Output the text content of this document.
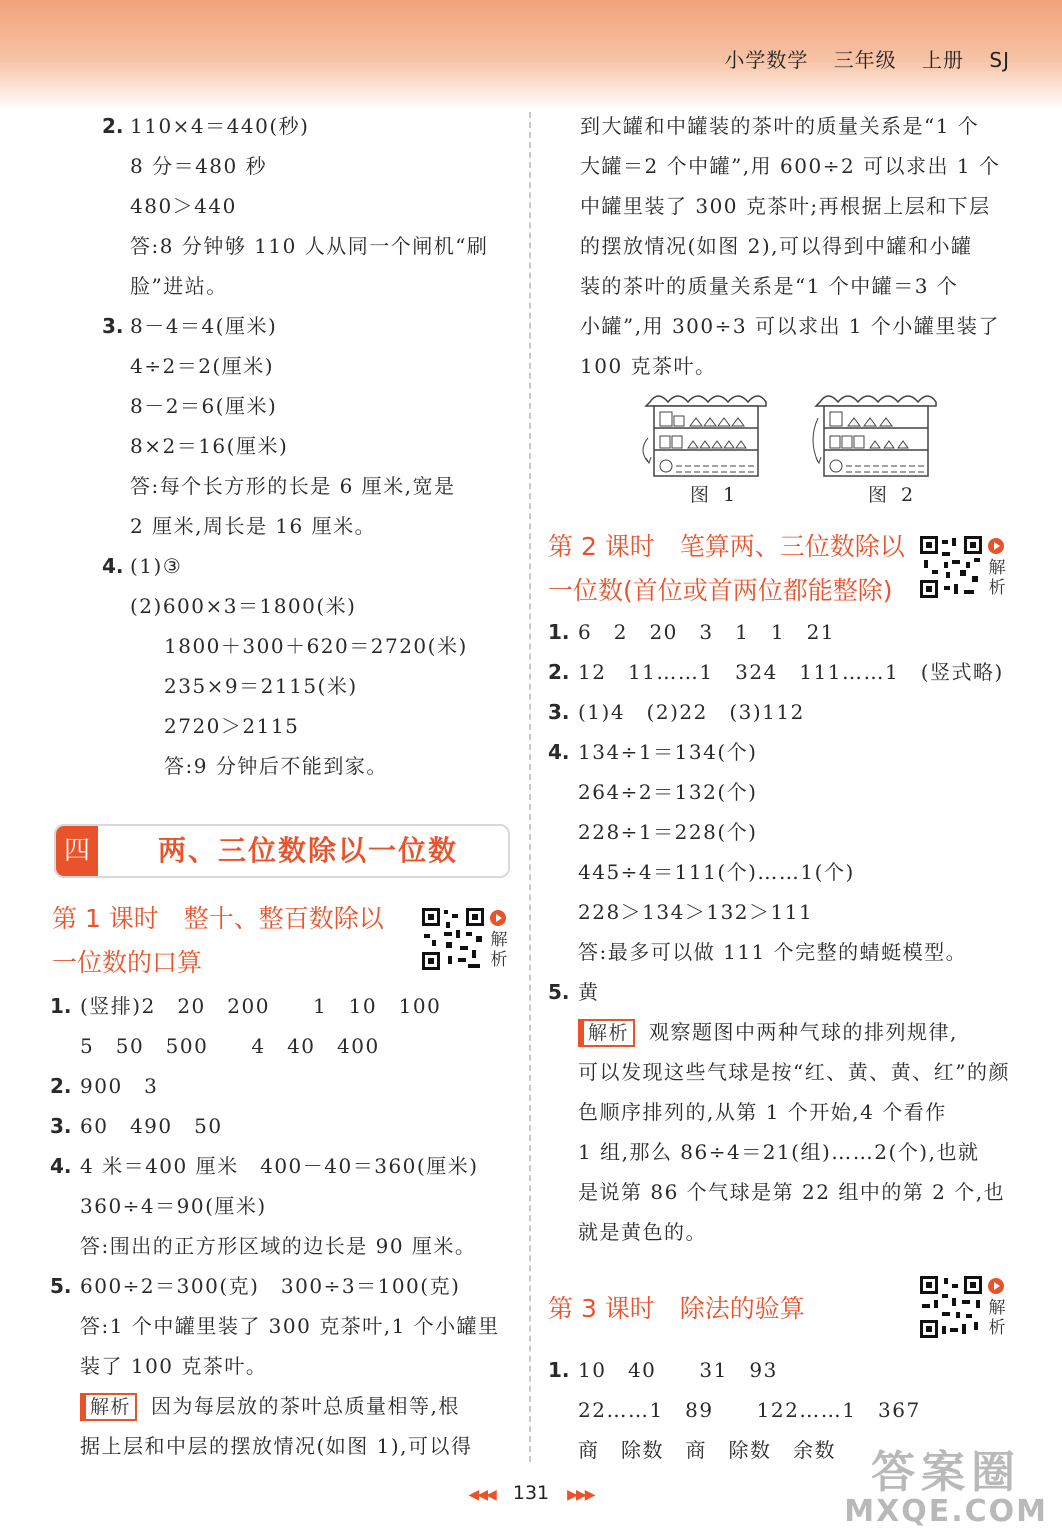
小学数学 三年级 上册 SJ
2. 110×4＝440(秒)
8 分＝480 秒
480＞440
答:8 分钟够 110 人从同一个闸机“刷
脸”进站。
3. 8－4＝4(厘米)
4÷2＝2(厘米)
8－2＝6(厘米)
8×2＝16(厘米)
答:每个长方形的长是 6 厘米,宽是
2 厘米,周长是 16 厘米。
4. (1)③
(2)600×3＝1800(米)
1800＋300＋620＝2720(米)
235×9＝2115(米)
2720＞2115
答:9 分钟后不能到家。
四 两、三位数除以一位数
第 1 课时　整十、整百数除以
一位数的口算
解析
1. (竖排)2　20　200　　1　10　100
5　50　500　　4　40　400
2. 900　3
3. 60　490　50
4. 4 米＝400 厘米　400－40＝360(厘米)
360÷4＝90(厘米)
答:围出的正方形区域的边长是 90 厘米。
5. 600÷2＝300(克)　300÷3＝100(克)
答:1 个中罐里装了 300 克茶叶,1 个小罐里
装了 100 克茶叶。
解析 因为每层放的茶叶总质量相等,根
据上层和中层的摆放情况(如图 1),可以得
到大罐和中罐装的茶叶的质量关系是“1 个
大罐＝2 个中罐”,用 600÷2 可以求出 1 个
中罐里装了 300 克茶叶;再根据上层和下层
的摆放情况(如图 2),可以得到中罐和小罐
装的茶叶的质量关系是“1 个中罐＝3 个
小罐”,用 300÷3 可以求出 1 个小罐里装了
100 克茶叶。
图 1	图 2
第 2 课时　笔算两、三位数除以
一位数(首位或首两位都能整除)
解析
1. 6　2　20　3　1　1　21
2. 12　11……1　324　111……1　(竖式略)
3. (1)4　(2)22　(3)112
4. 134÷1＝134(个)
264÷2＝132(个)
228÷1＝228(个)
445÷4＝111(个)……1(个)
228＞134＞132＞111
答:最多可以做 111 个完整的蜻蜓模型。
5. 黄
解析 观察题图中两种气球的排列规律,
可以发现这些气球是按“红、黄、黄、红”的颜
色顺序排列的,从第 1 个开始,4 个看作
1 组,那么 86÷4＝21(组)……2(个),也就
是说第 86 个气球是第 22 组中的第 2 个,也
就是黄色的。
第 3 课时　除法的验算	解析
1. 10　40　　31　93
22……1　89　　122……1　367
商　除数　商　除数　余数
◀◀◀ 131 ▶▶▶	答案圈
MXQE.COM
